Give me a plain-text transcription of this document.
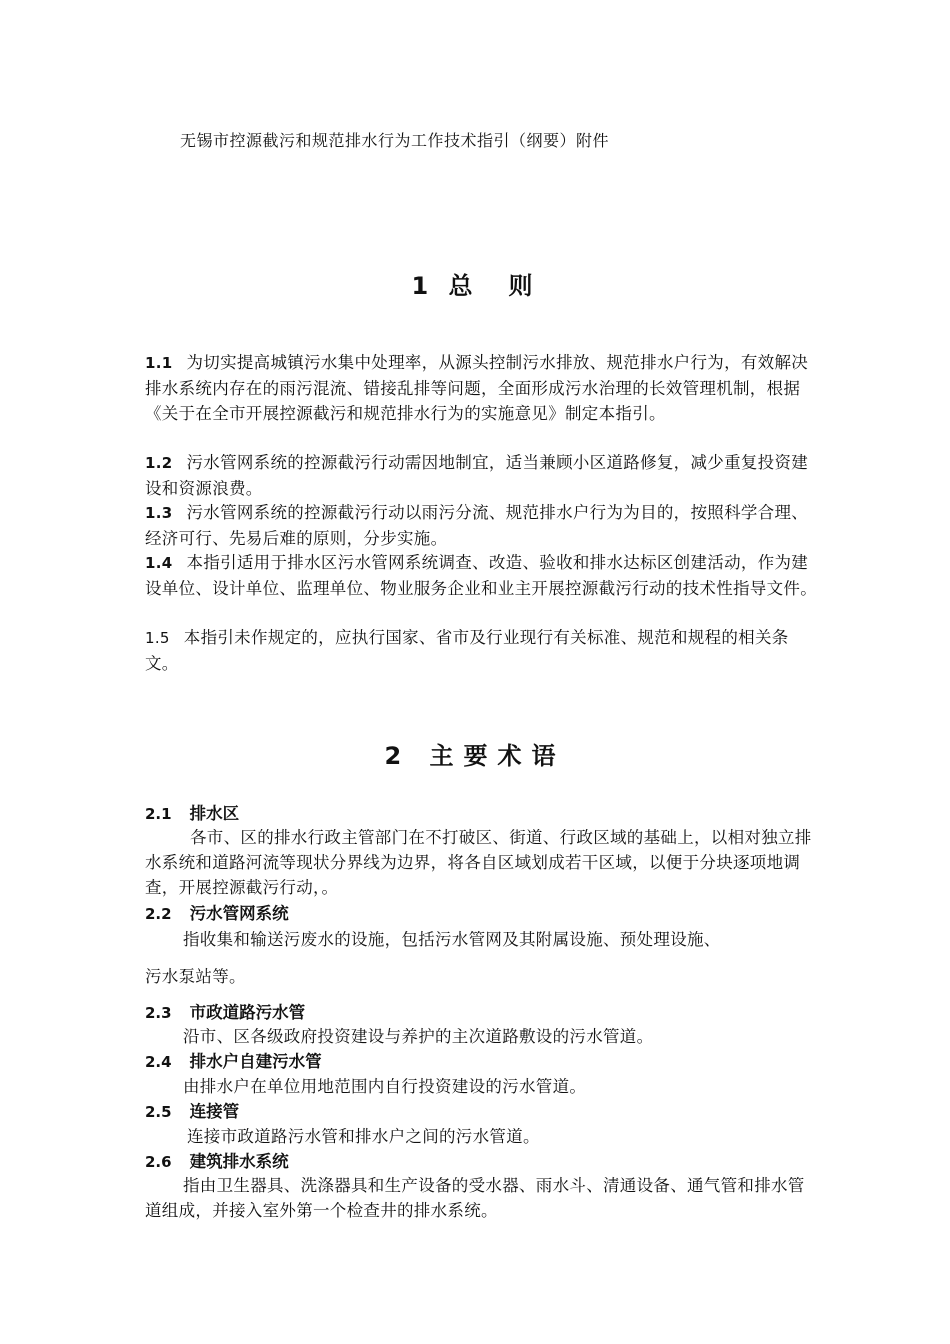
无锡市控源截污和规范排水行为工作技术指引（纲要）附件
1 总　则
1.1 为切实提高城镇污水集中处理率，从源头控制污水排放、规范排水户行为，有效解决排水系统内存在的雨污混流、错接乱排等问题，全面形成污水治理的长效管理机制，根据《关于在全市开展控源截污和规范排水行为的实施意见》制定本指引。
1.2 污水管网系统的控源截污行动需因地制宜，适当兼顾小区道路修复，减少重复投资建设和资源浪费。
1.3 污水管网系统的控源截污行动以雨污分流、规范排水户行为为目的，按照科学合理、经济可行、先易后难的原则，分步实施。
1.4 本指引适用于排水区污水管网系统调查、改造、验收和排水达标区创建活动，作为建设单位、设计单位、监理单位、物业服务企业和业主开展控源截污行动的技术性指导文件。
1.5 本指引未作规定的，应执行国家、省市及行业现行有关标准、规范和规程的相关条文。
2 主要术语
2.1 排水区
各市、区的排水行政主管部门在不打破区、街道、行政区域的基础上，以相对独立排水系统和道路河流等现状分界线为边界，将各自区域划成若干区域，以便于分块逐项地调查，开展控源截污行动，。
2.2 污水管网系统
指收集和输送污废水的设施，包括污水管网及其附属设施、预处理设施、
污水泵站等。
2.3 市政道路污水管
沿市、区各级政府投资建设与养护的主次道路敷设的污水管道。
2.4 排水户自建污水管
由排水户在单位用地范围内自行投资建设的污水管道。
2.5 连接管
连接市政道路污水管和排水户之间的污水管道。
2.6 建筑排水系统
指由卫生器具、洗涤器具和生产设备的受水器、雨水斗、清通设备、通气管和排水管道组成，并接入室外第一个检查井的排水系统。
